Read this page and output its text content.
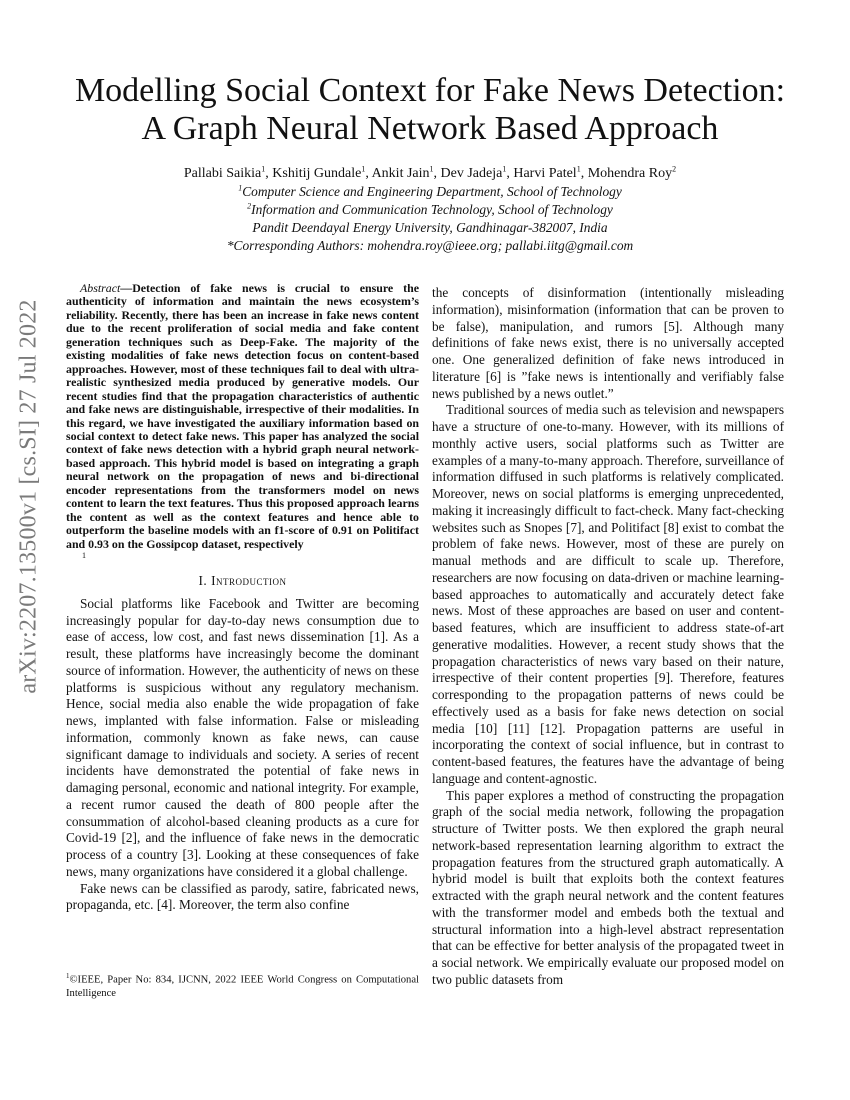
arXiv:2207.13500v1 [cs.SI] 27 Jul 2022
Modelling Social Context for Fake News Detection:
A Graph Neural Network Based Approach
Pallabi Saikia$^1$, Kshitij Gundale$^1$, Ankit Jain$^1$, Dev Jadeja$^1$, Harvi Patel$^1$, Mohendra Roy$^2$
$^1$Computer Science and Engineering Department, School of Technology
$^2$Information and Communication Technology, School of Technology
Pandit Deendayal Energy University, Gandhinagar-382007, India
*Corresponding Authors: mohendra.roy@ieee.org; pallabi.iitg@gmail.com

Abstract—Detection of fake news is crucial to ensure the authenticity of information and maintain the news ecosystem’s reliability. Recently, there has been an increase in fake news content due to the recent proliferation of social media and fake content generation techniques such as Deep-Fake. The majority of the existing modalities of fake news detection focus on content-based approaches. However, most of these techniques fail to deal with ultra-realistic synthesized media produced by generative models. Our recent studies find that the propagation characteristics of authentic and fake news are distinguishable, irrespective of their modalities. In this regard, we have investigated the auxiliary information based on social context to detect fake news. This paper has analyzed the social context of fake news detection with a hybrid graph neural network-based approach. This hybrid model is based on integrating a graph neural network on the propagation of news and bi-directional encoder representations from the transformers model on news content to learn the text features. Thus this proposed approach learns the content as well as the context features and hence able to outperform the baseline models with an f1-score of 0.91 on Politifact and 0.93 on the Gossipcop dataset, respectively

1
I. Introduction

Social platforms like Facebook and Twitter are becoming increasingly popular for day-to-day news consumption due to ease of access, low cost, and fast news dissemination [1]. As a result, these platforms have increasingly become the dominant source of information. However, the authenticity of news on these platforms is suspicious without any regulatory mechanism. Hence, social media also enable the wide propagation of fake news, implanted with false information. False or misleading information, commonly known as fake news, can cause significant damage to individuals and society. A series of recent incidents have demonstrated the potential of fake news in damaging personal, economic and national integrity. For example, a recent rumor caused the death of 800 people after the consummation of alcohol-based cleaning products as a cure for Covid-19 [2], and the influence of fake news in the democratic process of a country [3]. Looking at these consequences of fake news, many organizations have considered it a global challenge.

Fake news can be classified as parody, satire, fabricated news, propaganda, etc. [4]. Moreover, the term also confine

$^1$©IEEE, Paper No: 834, IJCNN, 2022 IEEE World Congress on Computational Intelligence

the concepts of disinformation (intentionally misleading information), misinformation (information that can be proven to be false), manipulation, and rumors [5]. Although many definitions of fake news exist, there is no universally accepted one. One generalized definition of fake news introduced in literature [6] is ”fake news is intentionally and verifiably false news published by a news outlet.”

Traditional sources of media such as television and newspapers have a structure of one-to-many. However, with its millions of monthly active users, social platforms such as Twitter are examples of a many-to-many approach. Therefore, surveillance of information diffused in such platforms is relatively complicated. Moreover, news on social platforms is emerging unprecedented, making it increasingly difficult to fact-check. Many fact-checking websites such as Snopes [7], and Politifact [8] exist to combat the problem of fake news. However, most of these are purely on manual methods and are difficult to scale up. Therefore, researchers are now focusing on data-driven or machine learning-based approaches to automatically and accurately detect fake news. Most of these approaches are based on user and content-based features, which are insufficient to address state-of-art generative modalities. However, a recent study shows that the propagation characteristics of news vary based on their nature, irrespective of their content properties [9]. Therefore, features corresponding to the propagation patterns of news could be effectively used as a basis for fake news detection on social media [10] [11] [12]. Propagation patterns are useful in incorporating the context of social influence, but in contrast to content-based features, the features have the advantage of being language and content-agnostic.

This paper explores a method of constructing the propagation graph of the social media network, following the propagation structure of Twitter posts. We then explored the graph neural network-based representation learning algorithm to extract the propagation features from the structured graph automatically. A hybrid model is built that exploits both the context features extracted with the graph neural network and the content features with the transformer model and embeds both the textual and structural information into a high-level abstract representation that can be effective for better analysis of the propagated tweet in a social network. We empirically evaluate our proposed model on two public datasets from
